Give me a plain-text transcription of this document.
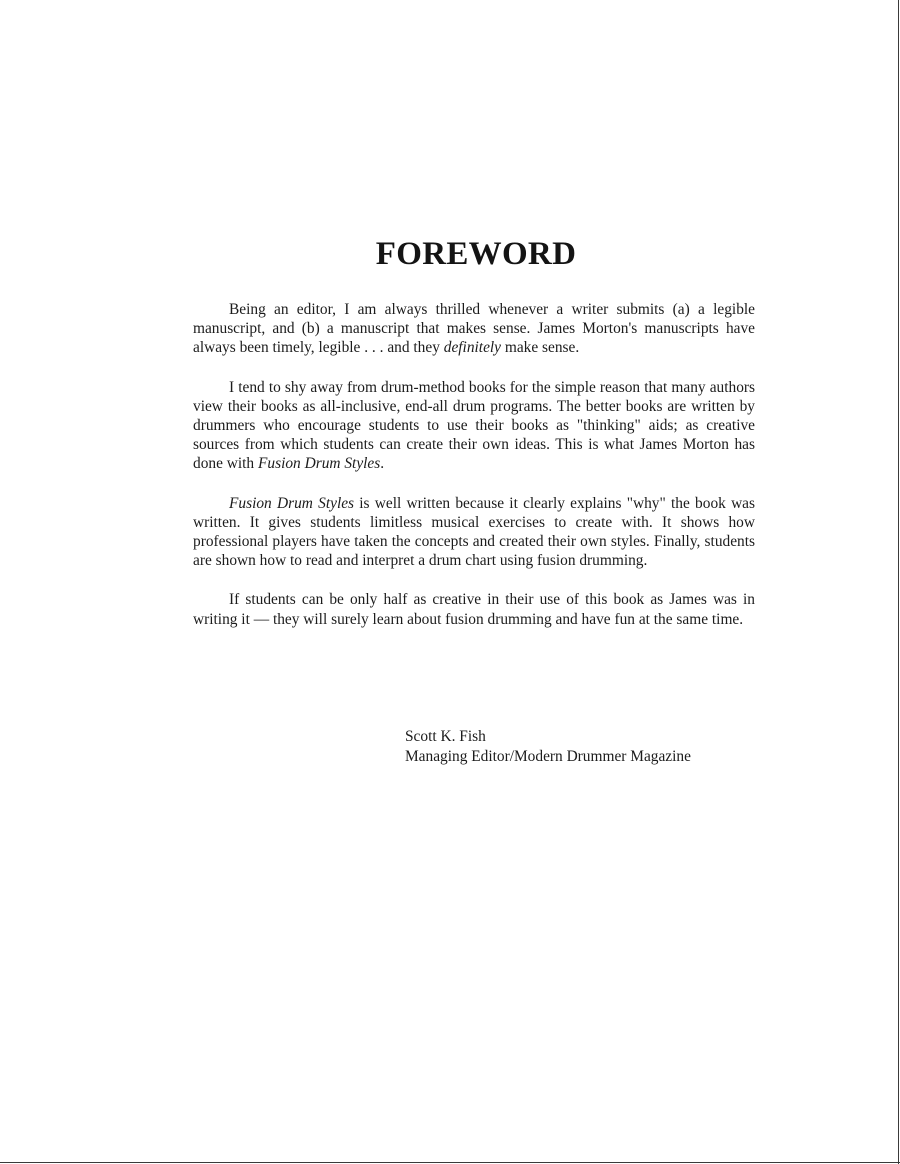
FOREWORD

Being an editor, I am always thrilled whenever a writer submits (a) a legible manuscript, and (b) a manuscript that makes sense. James Morton's manuscripts have always been timely, legible . . . and they definitely make sense.

I tend to shy away from drum-method books for the simple reason that many authors view their books as all-inclusive, end-all drum programs. The better books are written by drummers who encourage students to use their books as "thinking" aids; as creative sources from which students can create their own ideas. This is what James Morton has done with Fusion Drum Styles.

Fusion Drum Styles is well written because it clearly explains "why" the book was written. It gives students limitless musical exercises to create with. It shows how professional players have taken the concepts and created their own styles. Finally, students are shown how to read and interpret a drum chart using fusion drumming.

If students can be only half as creative in their use of this book as James was in writing it — they will surely learn about fusion drumming and have fun at the same time.

Scott K. Fish
Managing Editor/Modern Drummer Magazine
